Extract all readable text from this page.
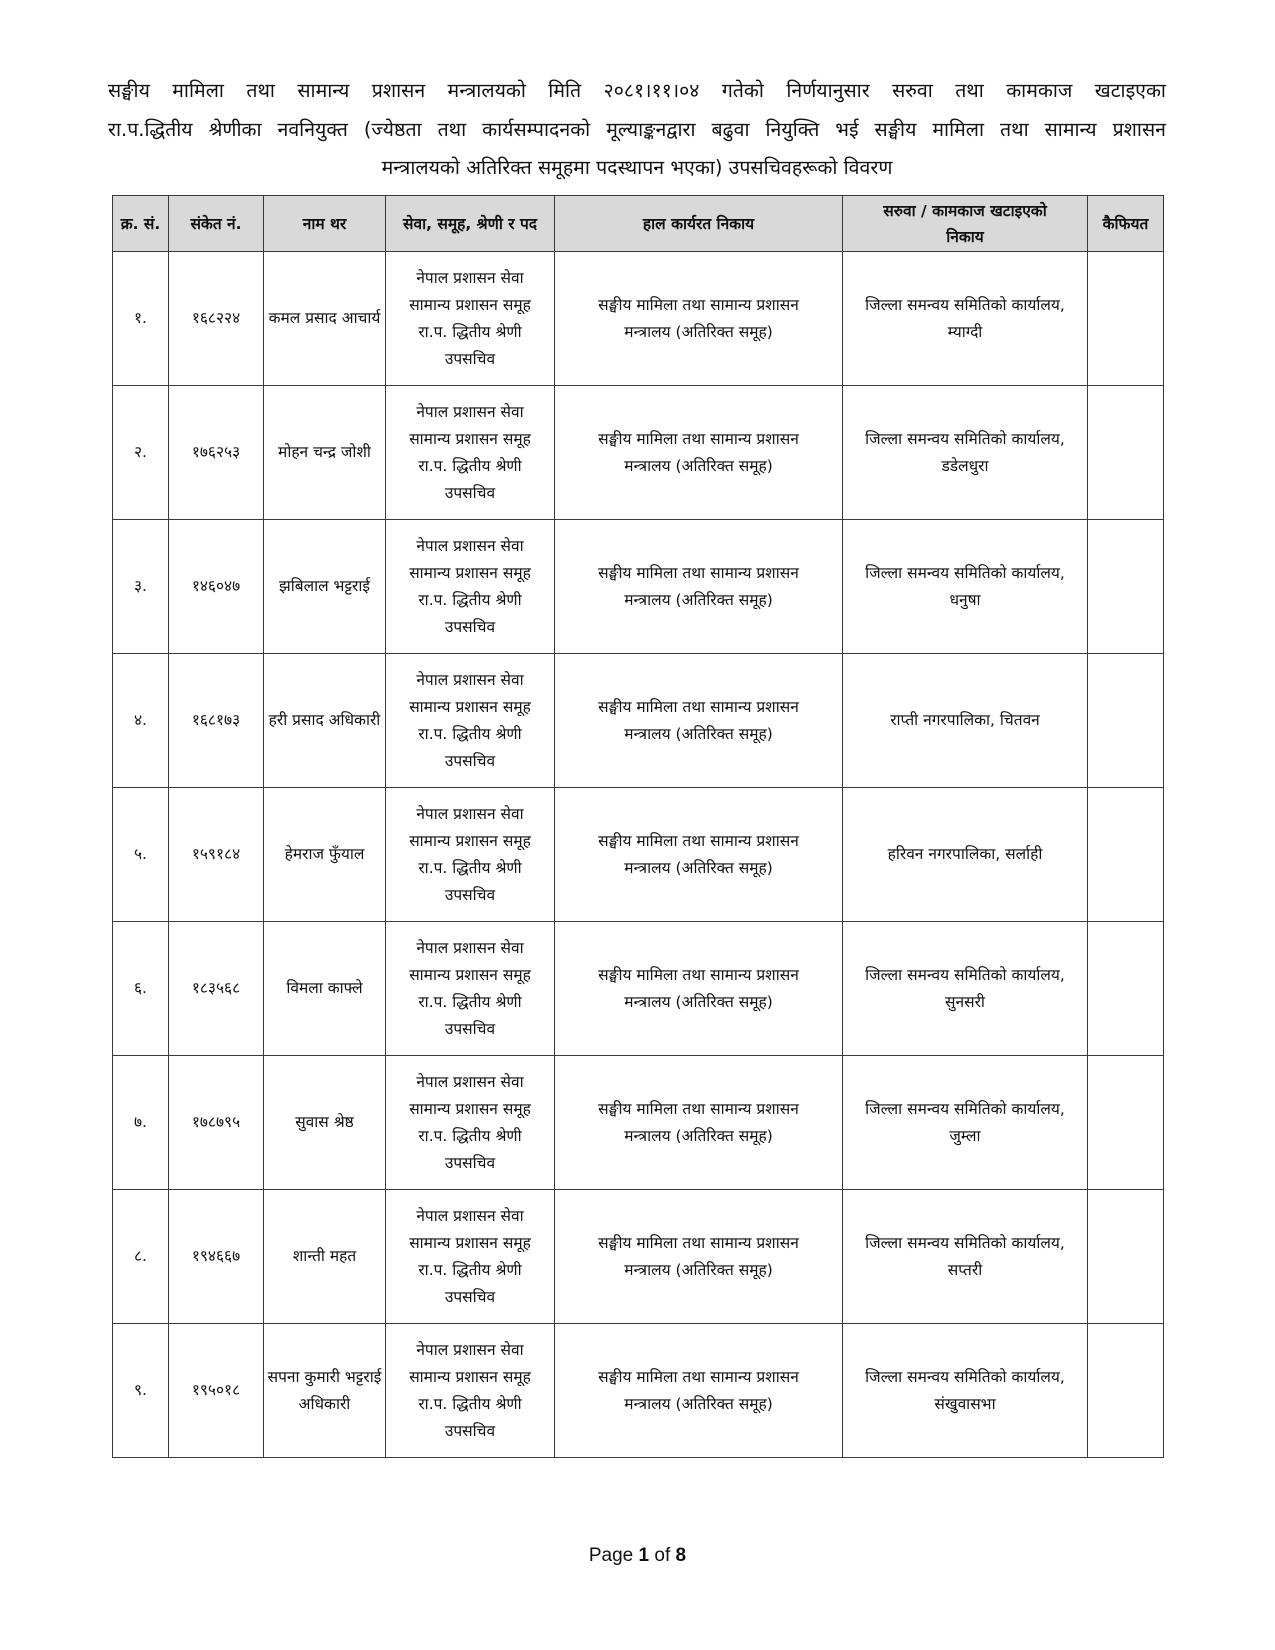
सङ्घीय मामिला तथा सामान्य प्रशासन मन्त्रालयको मिति २०८१।११।०४ गतेको निर्णयानुसार सरुवा तथा कामकाज खटाइएका
रा.प.द्धितीय श्रेणीका नवनियुक्त (ज्येष्ठता तथा कार्यसम्पादनको मूल्याङ्कनद्वारा बढुवा नियुक्ति भई सङ्घीय मामिला तथा सामान्य प्रशासन
मन्त्रालयको अतिरिक्त समूहमा पदस्थापन भएका) उपसचिवहरूको विवरण
क्र. सं.	संकेत नं.	नाम थर	सेवा, समूह, श्रेणी र पद	हाल कार्यरत निकाय	सरुवा / कामकाज खटाइएको निकाय	कैफियत
१.	१६८२२४	कमल प्रसाद आचार्य	नेपाल प्रशासन सेवा
सामान्य प्रशासन समूह
रा.प. द्धितीय श्रेणी
उपसचिव	सङ्घीय मामिला तथा सामान्य प्रशासन
मन्त्रालय (अतिरिक्त समूह)	जिल्ला समन्वय समितिको कार्यालय,
म्याग्दी	

२.	१७६२५३	मोहन चन्द्र जोशी	नेपाल प्रशासन सेवा
सामान्य प्रशासन समूह
रा.प. द्धितीय श्रेणी
उपसचिव	सङ्घीय मामिला तथा सामान्य प्रशासन
मन्त्रालय (अतिरिक्त समूह)	जिल्ला समन्वय समितिको कार्यालय,
डडेलधुरा	

३.	१४६०४७	झबिलाल भट्टराई	नेपाल प्रशासन सेवा
सामान्य प्रशासन समूह
रा.प. द्धितीय श्रेणी
उपसचिव	सङ्घीय मामिला तथा सामान्य प्रशासन
मन्त्रालय (अतिरिक्त समूह)	जिल्ला समन्वय समितिको कार्यालय,
धनुषा	

४.	१६८१७३	हरी प्रसाद अधिकारी	नेपाल प्रशासन सेवा
सामान्य प्रशासन समूह
रा.प. द्धितीय श्रेणी
उपसचिव	सङ्घीय मामिला तथा सामान्य प्रशासन
मन्त्रालय (अतिरिक्त समूह)	राप्ती नगरपालिका, चितवन	

५.	१५९१८४	हेमराज फुँयाल	नेपाल प्रशासन सेवा
सामान्य प्रशासन समूह
रा.प. द्धितीय श्रेणी
उपसचिव	सङ्घीय मामिला तथा सामान्य प्रशासन
मन्त्रालय (अतिरिक्त समूह)	हरिवन नगरपालिका, सर्लाही	

६.	१८३५६८	विमला काफ्ले	नेपाल प्रशासन सेवा
सामान्य प्रशासन समूह
रा.प. द्धितीय श्रेणी
उपसचिव	सङ्घीय मामिला तथा सामान्य प्रशासन
मन्त्रालय (अतिरिक्त समूह)	जिल्ला समन्वय समितिको कार्यालय,
सुनसरी	

७.	१७८७९५	सुवास श्रेष्ठ	नेपाल प्रशासन सेवा
सामान्य प्रशासन समूह
रा.प. द्धितीय श्रेणी
उपसचिव	सङ्घीय मामिला तथा सामान्य प्रशासन
मन्त्रालय (अतिरिक्त समूह)	जिल्ला समन्वय समितिको कार्यालय,
जुम्ला	

८.	१९४६६७	शान्ती महत	नेपाल प्रशासन सेवा
सामान्य प्रशासन समूह
रा.प. द्धितीय श्रेणी
उपसचिव	सङ्घीय मामिला तथा सामान्य प्रशासन
मन्त्रालय (अतिरिक्त समूह)	जिल्ला समन्वय समितिको कार्यालय,
सप्तरी	

९.	१९५०१८	सपना कुमारी भट्टराई अधिकारी	नेपाल प्रशासन सेवा
सामान्य प्रशासन समूह
रा.प. द्धितीय श्रेणी
उपसचिव	सङ्घीय मामिला तथा सामान्य प्रशासन
मन्त्रालय (अतिरिक्त समूह)	जिल्ला समन्वय समितिको कार्यालय,
संखुवासभा	

Page 1 of 8
